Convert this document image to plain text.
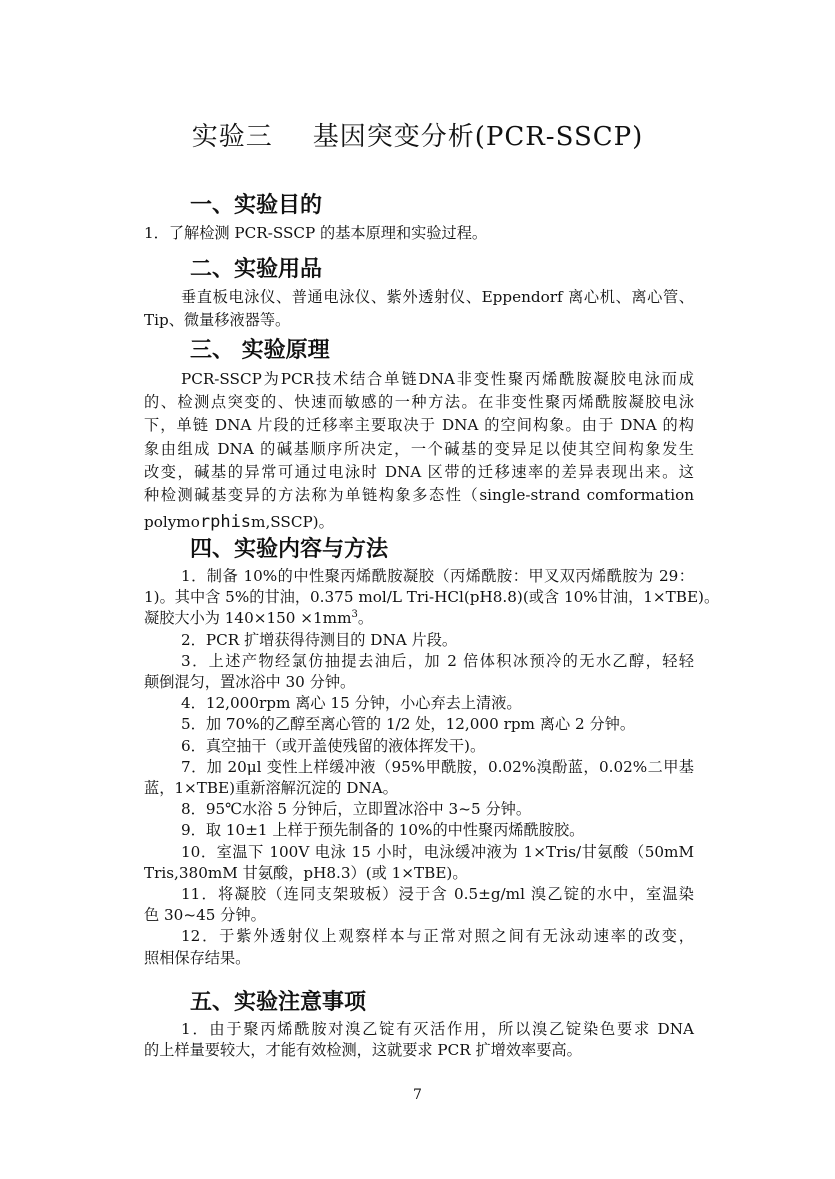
实验三 基因突变分析(PCR-SSCP)
一、实验目的
1．了解检测 PCR-SSCP 的基本原理和实验过程。
二、实验用品
垂直板电泳仪、普通电泳仪、紫外透射仪、Eppendorf 离心机、离心管、
Tip、微量移液器等。
三、 实验原理
PCR-SSCP为PCR技术结合单链DNA非变性聚丙烯酰胺凝胶电泳而成
的、检测点突变的、快速而敏感的一种方法。在非变性聚丙烯酰胺凝胶电泳
下，单链 DNA 片段的迁移率主要取决于 DNA 的空间构象。由于 DNA 的构
象由组成 DNA 的碱基顺序所决定，一个碱基的变异足以使其空间构象发生
改变，碱基的异常可通过电泳时 DNA 区带的迁移速率的差异表现出来。这
种检测碱基变异的方法称为单链构象多态性（single-strand comformation
polymorphism,SSCP)。
四、实验内容与方法
1．制备 10%的中性聚丙烯酰胺凝胶（丙烯酰胺：甲叉双丙烯酰胺为 29：
1)。其中含 5%的甘油，0.375 mol/L Tri-HCl(pH8.8)(或含 10%甘油，1×TBE)。
凝胶大小为 $140\times 150 \times 1mm^3$。
2．PCR 扩增获得待测目的 DNA 片段。
3．上述产物经氯仿抽提去油后，加 2 倍体积冰预冷的无水乙醇，轻轻
颠倒混匀，置冰浴中 30 分钟。
4．12,000rpm 离心 15 分钟，小心弃去上清液。
5．加 70%的乙醇至离心管的 1/2 处，12,000 rpm 离心 2 分钟。
6．真空抽干（或开盖使残留的液体挥发干)。
7．加 20μl 变性上样缓冲液（95%甲酰胺，0.02%溴酚蓝，0.02%二甲基
蓝，1×TBE)重新溶解沉淀的 DNA。
8．95℃水浴 5 分钟后，立即置冰浴中 3~5 分钟。
9．取 10±1 上样于预先制备的 10%的中性聚丙烯酰胺胶。
10．室温下 100V 电泳 15 小时，电泳缓冲液为 1×Tris/甘氨酸（50mM
Tris,380mM 甘氨酸，pH8.3）(或 1×TBE)。
11．将凝胶（连同支架玻板）浸于含 0.5±g/ml 溴乙锭的水中，室温染
色 30~45 分钟。
12．于紫外透射仪上观察样本与正常对照之间有无泳动速率的改变，
照相保存结果。
五、实验注意事项
1．由于聚丙烯酰胺对溴乙锭有灭活作用，所以溴乙锭染色要求 DNA
的上样量要较大，才能有效检测，这就要求 PCR 扩增效率要高。
7
